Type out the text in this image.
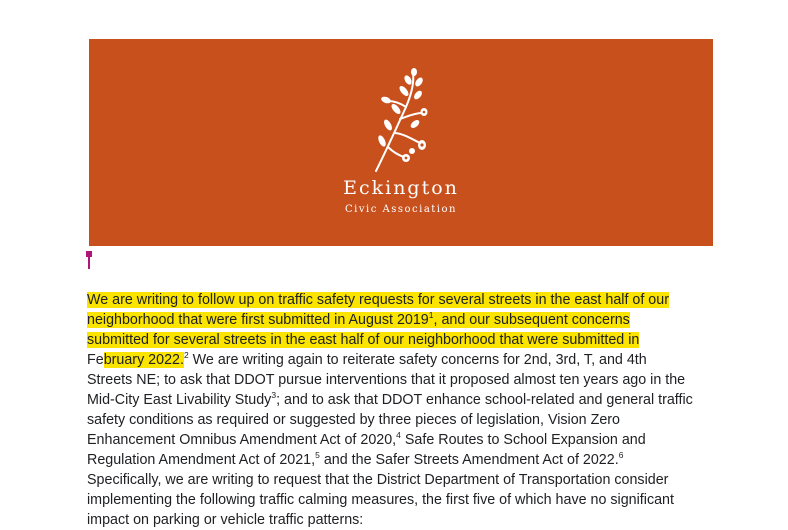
Eckington
Civic Association
We are writing to follow up on traffic safety requests for several streets in the east half of our
neighborhood that were first submitted in August 2019$^1$, and our subsequent concerns
submitted for several streets in the east half of our neighborhood that were submitted in
February 2022.$^2$ We are writing again to reiterate safety concerns for 2nd, 3rd, T, and 4th
Streets NE; to ask that DDOT pursue interventions that it proposed almost ten years ago in the
Mid-City East Livability Study$^3$; and to ask that DDOT enhance school-related and general traffic
safety conditions as required or suggested by three pieces of legislation, Vision Zero
Enhancement Omnibus Amendment Act of 2020,$^4$ Safe Routes to School Expansion and
Regulation Amendment Act of 2021,$^5$ and the Safer Streets Amendment Act of 2022.$^6$
Specifically, we are writing to request that the District Department of Transportation consider
implementing the following traffic calming measures, the first five of which have no significant
impact on parking or vehicle traffic patterns:
